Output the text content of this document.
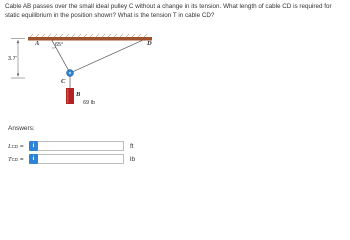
Cable AB passes over the small ideal pulley C without a change in its tension. What length of cable CD is required for static equilibrium in the position shown? What is the tension T in cable CD?
3.7'
A	65°	D
C
B
69 lb
Answers:
LCD =	i	ft
TCD =	i	lb
